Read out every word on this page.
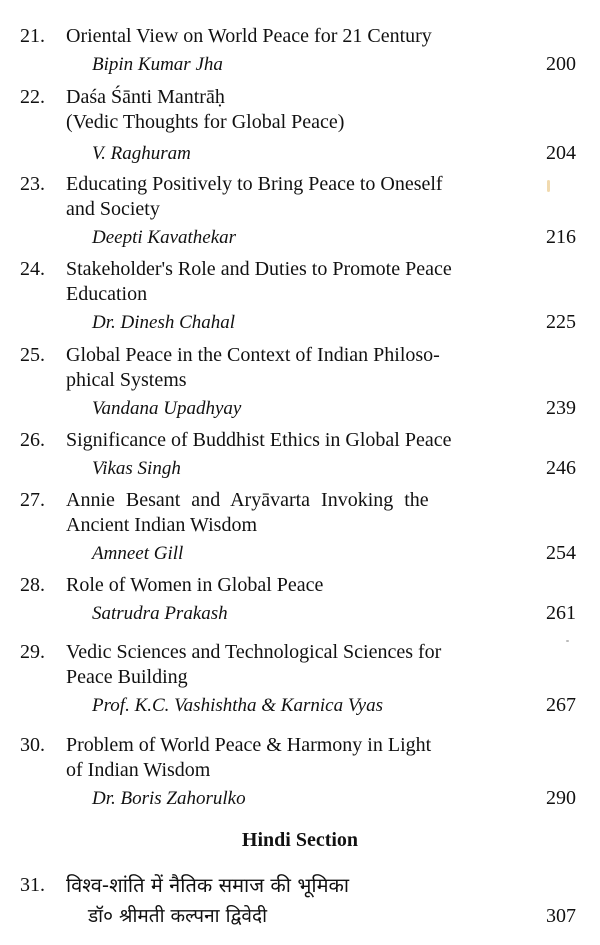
21. Oriental View on World Peace for 21 Century
Bipin Kumar Jha	200
22. Daśa Śānti Mantrāḥ
(Vedic Thoughts for Global Peace)
V. Raghuram	204
23. Educating Positively to Bring Peace to Oneself
and Society
Deepti Kavathekar	216
24. Stakeholder's Role and Duties to Promote Peace
Education
Dr. Dinesh Chahal	225
25. Global Peace in the Context of Indian Philoso-
phical Systems
Vandana Upadhyay	239
26. Significance of Buddhist Ethics in Global Peace
Vikas Singh	246
27. Annie Besant and Aryāvarta Invoking the
Ancient Indian Wisdom
Amneet Gill	254
28. Role of Women in Global Peace
Satrudra Prakash	261
29. Vedic Sciences and Technological Sciences for
Peace Building
Prof. K.C. Vashishtha & Karnica Vyas	267
30. Problem of World Peace & Harmony in Light
of Indian Wisdom
Dr. Boris Zahorulko	290
Hindi Section
31. विश्व-शांति में नैतिक समाज की भूमिका
डॉ० श्रीमती कल्पना द्विवेदी	307
